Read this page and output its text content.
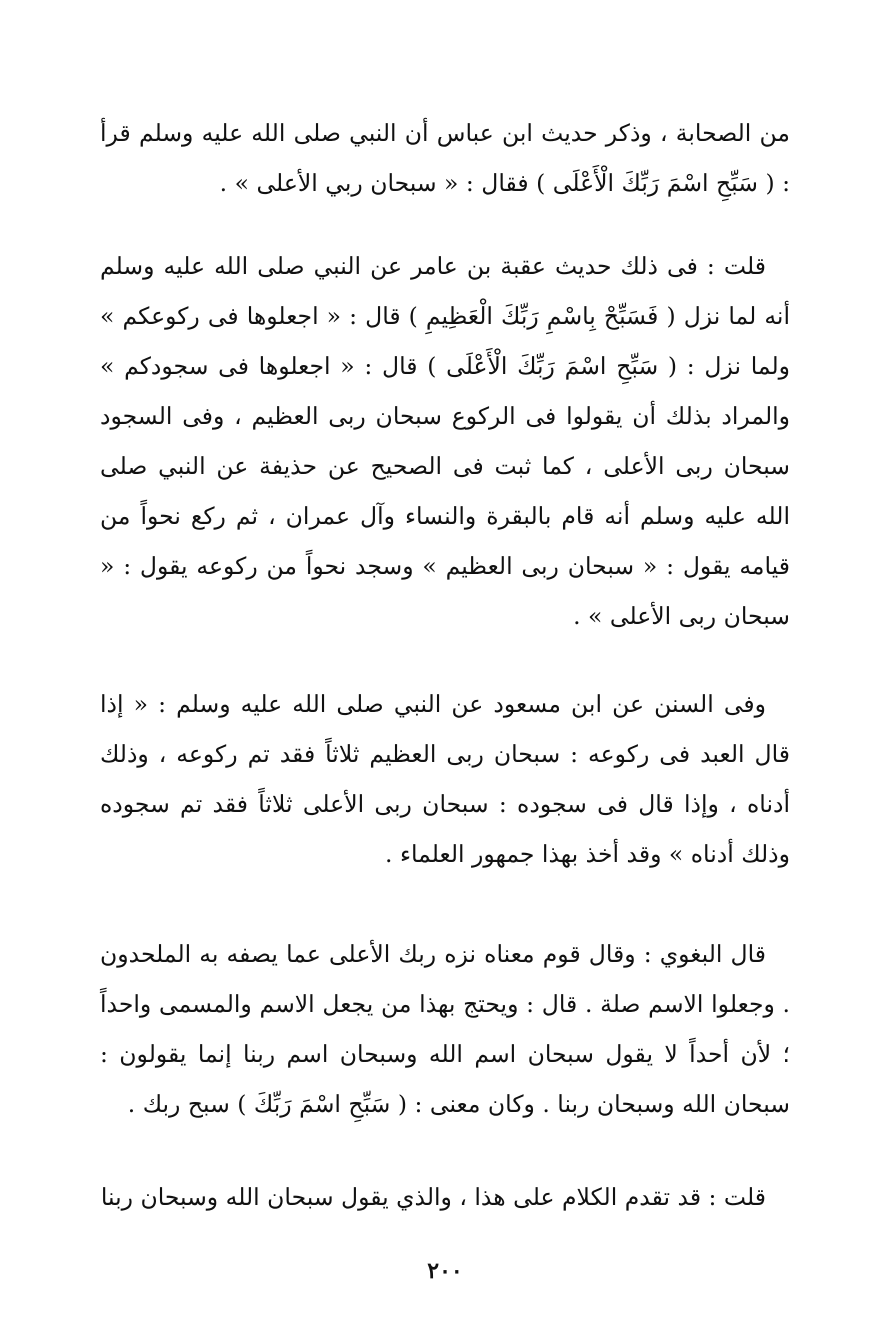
من الصحابة ، وذكر حديث ابن عباس أن النبي صلى الله عليه وسلم قرأ : ( سَبِّحِ اسْمَ رَبِّكَ الْأَعْلَى ) فقال : « سبحان ربي الأعلى » .

قلت : فى ذلك حديث عقبة بن عامر عن النبي صلى الله عليه وسلم أنه لما نزل ( فَسَبِّحْ بِاسْمِ رَبِّكَ الْعَظِيمِ ) قال : « اجعلوها فى ركوعكم » ولما نزل : ( سَبِّحِ اسْمَ رَبِّكَ الْأَعْلَى ) قال : « اجعلوها فى سجودكم » والمراد بذلك أن يقولوا فى الركوع سبحان ربى العظيم ، وفى السجود سبحان ربى الأعلى ، كما ثبت فى الصحيح عن حذيفة عن النبي صلى الله عليه وسلم أنه قام بالبقرة والنساء وآل عمران ، ثم ركع نحواً من قيامه يقول : « سبحان ربى العظيم » وسجد نحواً من ركوعه يقول : « سبحان ربى الأعلى » .

وفى السنن عن ابن مسعود عن النبي صلى الله عليه وسلم : « إذا قال العبد فى ركوعه : سبحان ربى العظيم ثلاثاً فقد تم ركوعه ، وذلك أدناه ، وإذا قال فى سجوده : سبحان ربى الأعلى ثلاثاً فقد تم سجوده وذلك أدناه » وقد أخذ بهذا جمهور العلماء .

قال البغوي : وقال قوم معناه نزه ربك الأعلى عما يصفه به الملحدون . وجعلوا الاسم صلة . قال : ويحتج بهذا من يجعل الاسم والمسمى واحداً ؛ لأن أحداً لا يقول سبحان اسم الله وسبحان اسم ربنا إنما يقولون : سبحان الله وسبحان ربنا . وكان معنى : ( سَبِّحِ اسْمَ رَبِّكَ ) سبح ربك .

قلت : قد تقدم الكلام على هذا ، والذي يقول سبحان الله وسبحان ربنا

٢٠٠
